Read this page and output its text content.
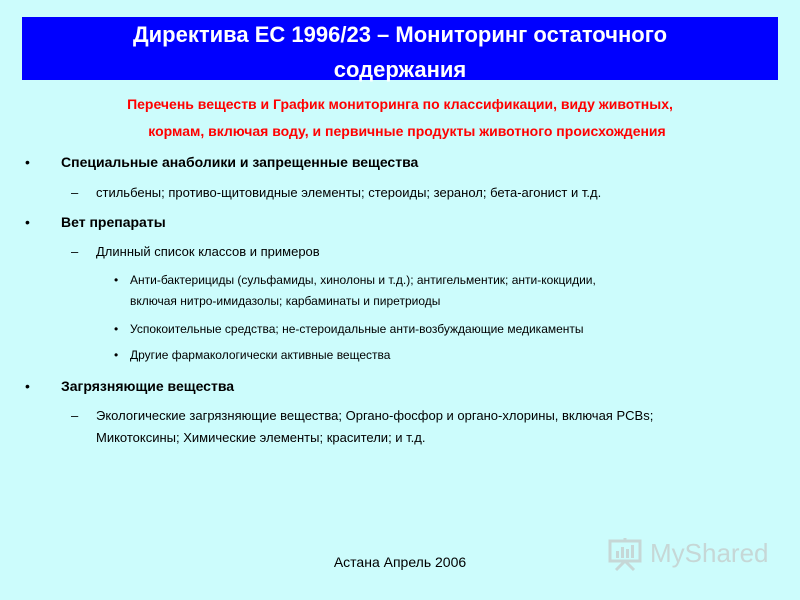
Директива ЕС 1996/23 – Мониторинг остаточного
содержания
Перечень веществ и График мониторинга по классификации, виду животных,
кормам, включая воду, и первичные продукты животного происхождения
• Специальные анаболики и запрещенные вещества
– стильбены; противо-щитовидные элементы; стероиды; зеранол; бета-агонист и т.д.
• Вет препараты
– Длинный список классов и примеров
• Анти-бактерициды (сульфамиды, хинолоны и т.д.); антигельментик; анти-кокцидии,
включая нитро-имидазолы; карбаминаты и пиретриоды
• Успокоительные средства; не-стероидальные анти-возбуждающие медикаменты
• Другие фармакологически активные вещества
• Загрязняющие вещества
– Экологические загрязняющие вещества; Органо-фосфор и органо-хлорины, включая PCBs;
Микотоксины; Химические элементы; красители; и т.д.
Астана Апрель 2006	MyShared
